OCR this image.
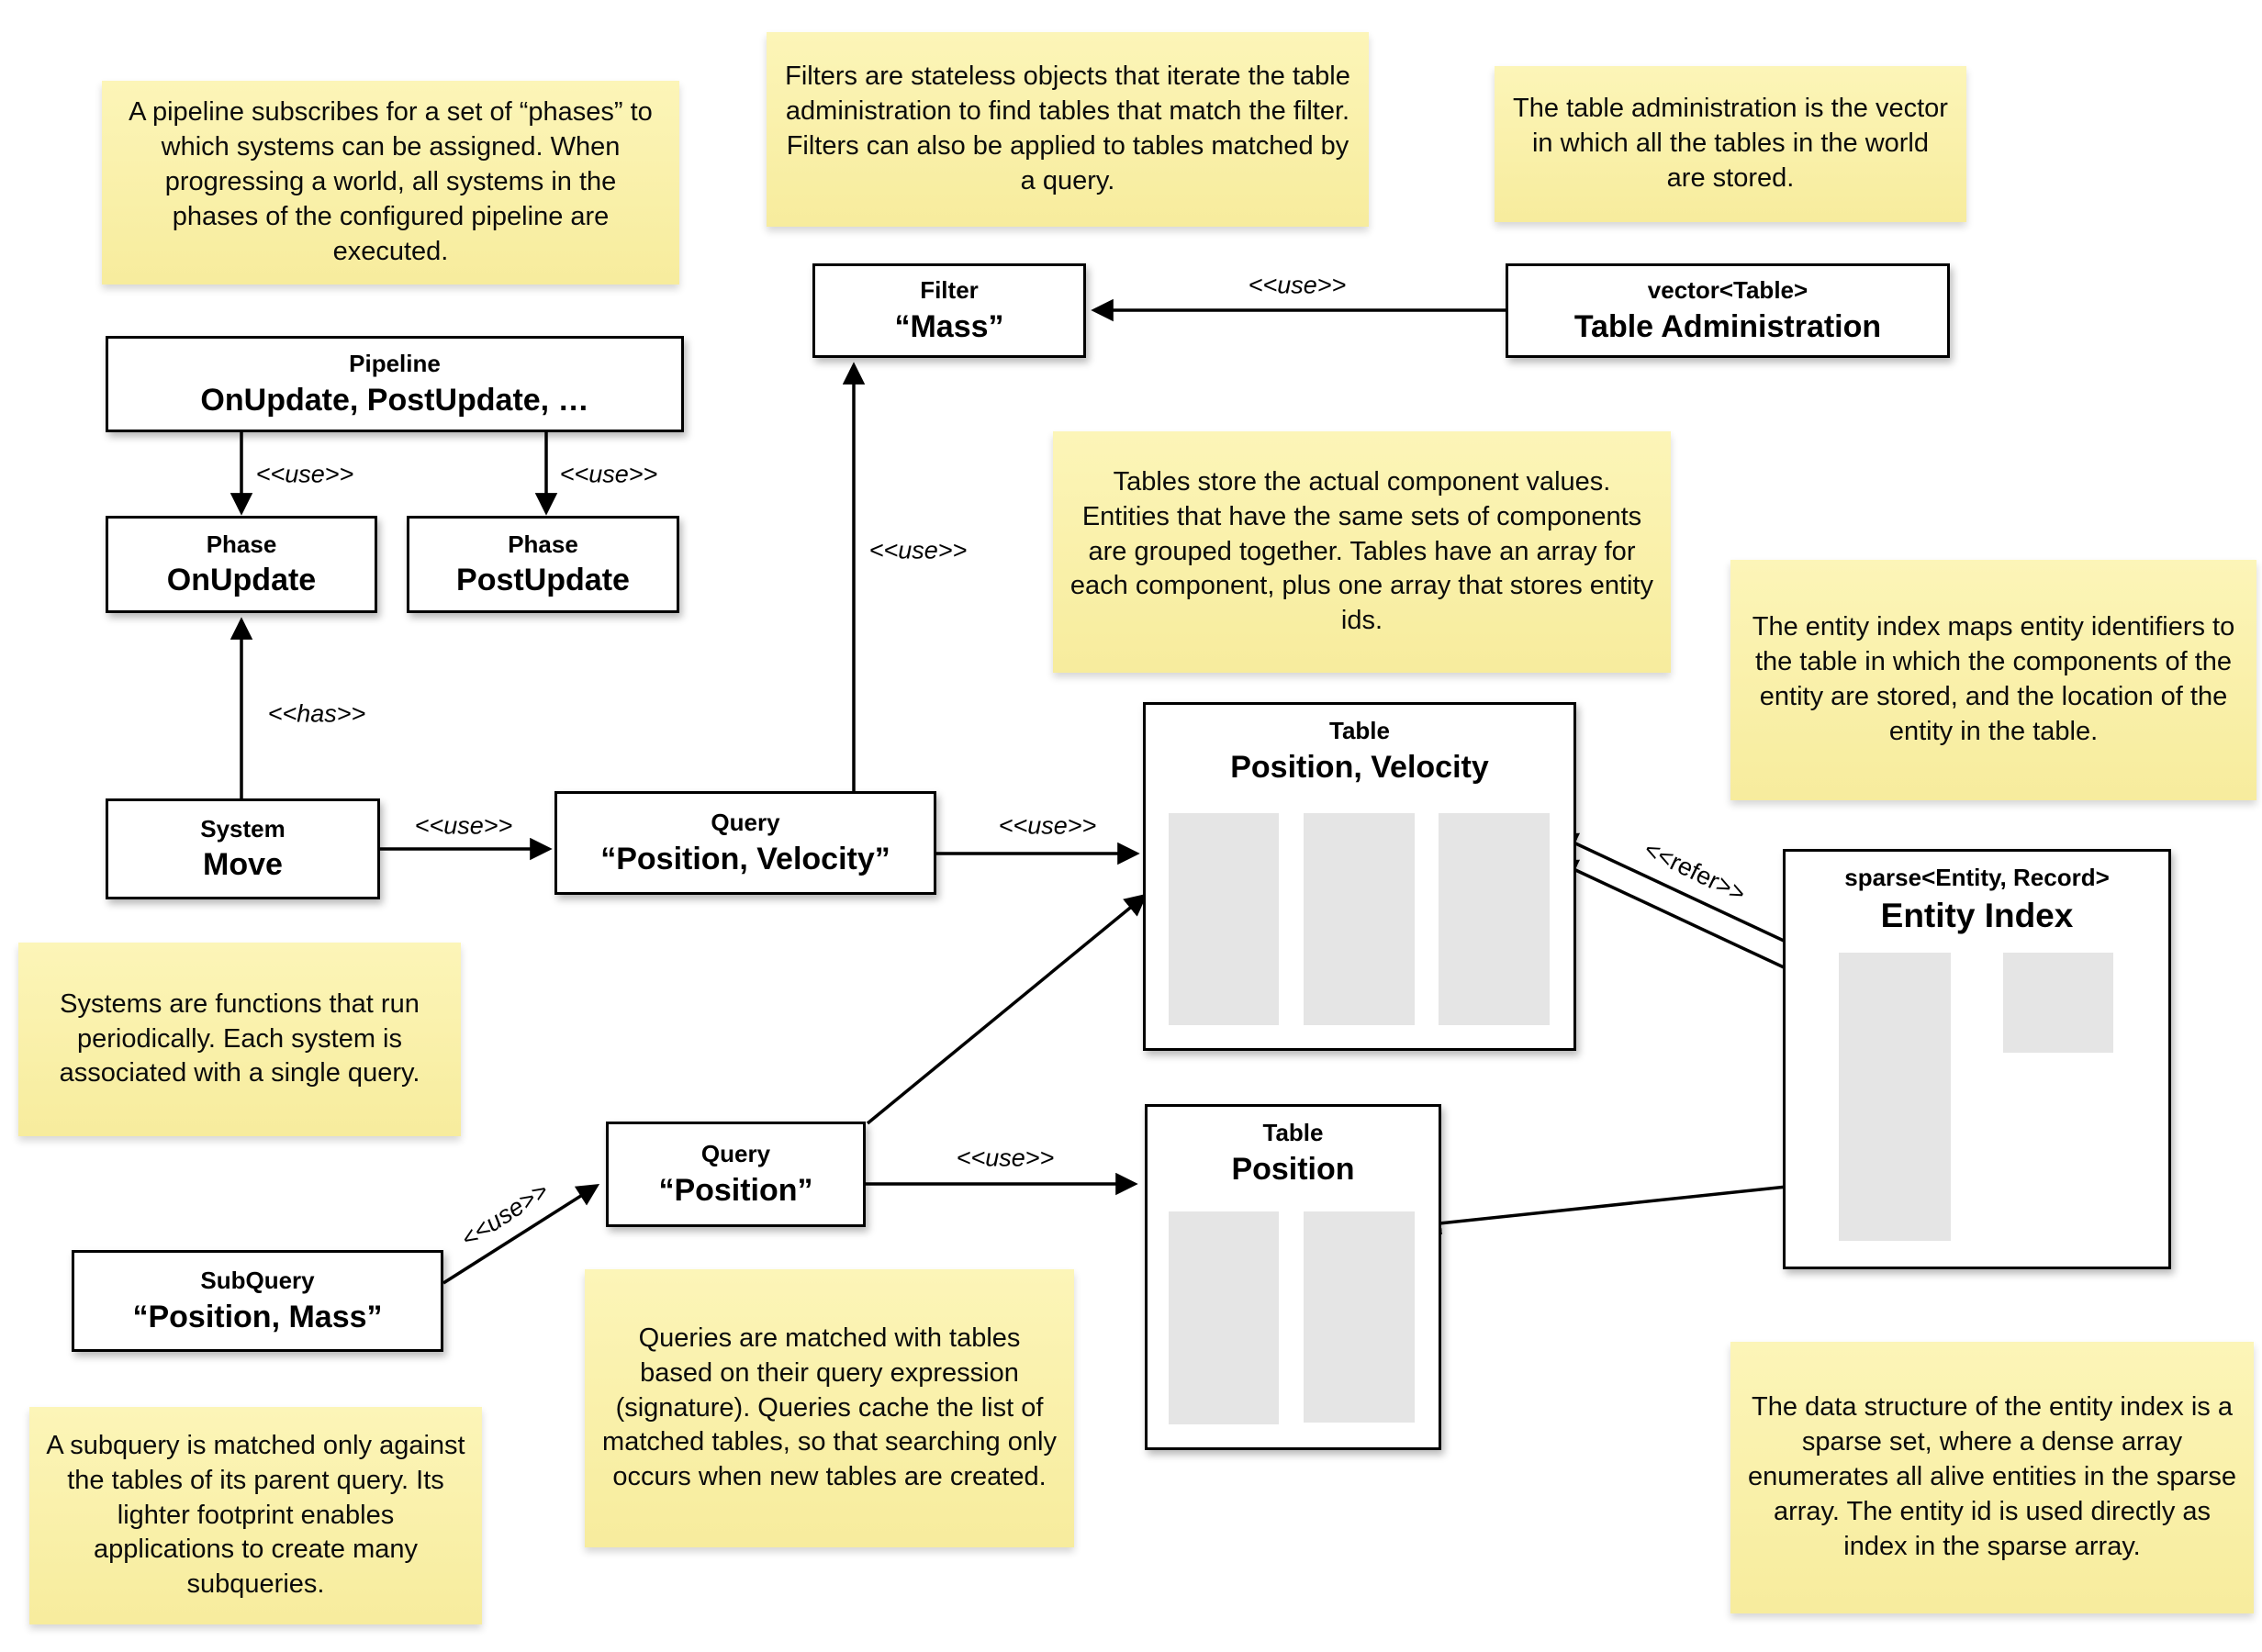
A pipeline subscribes for a set of “phases” to which systems can be assigned. When progressing a world, all systems in the phases of the configured pipeline are executed.
Filters are stateless objects that iterate the table administration to find tables that match the filter. Filters can also be applied to tables matched by a query.
The table administration is the vector in which all the tables in the world are stored.
Tables store the actual component values. Entities that have the same sets of components are grouped together. Tables have an array for each component, plus one array that stores entity ids.	The entity index maps entity identifiers to the table in which the components of the entity are stored, and the location of the entity in the table.
Systems are functions that run periodically. Each system is associated with a single query.
Queries are matched with tables based on their query expression (signature). Queries cache the list of matched tables, so that searching only occurs when new tables are created.
A subquery is matched only against the tables of its parent query. Its lighter footprint enables applications to create many subqueries.
The data structure of the entity index is a sparse set, where a dense array enumerates all alive entities in the sparse array. The entity id is used directly as index in the sparse array.
Pipeline
OnUpdate, PostUpdate, …
Phase
OnUpdate
Phase
PostUpdate
System
Move
Query
“Position, Velocity”
Filter
“Mass”
vector<Table>
Table Administration
Table
Position, Velocity
Table
Position
sparse<Entity, Record>
Entity Index
Query
“Position”
SubQuery
“Position, Mass”
<<use>>	<<use>>
<<has>>
<<use>>
<<use>>
<<use>>
<<use>>
<<use>>
<<use>>
<<refer>>
